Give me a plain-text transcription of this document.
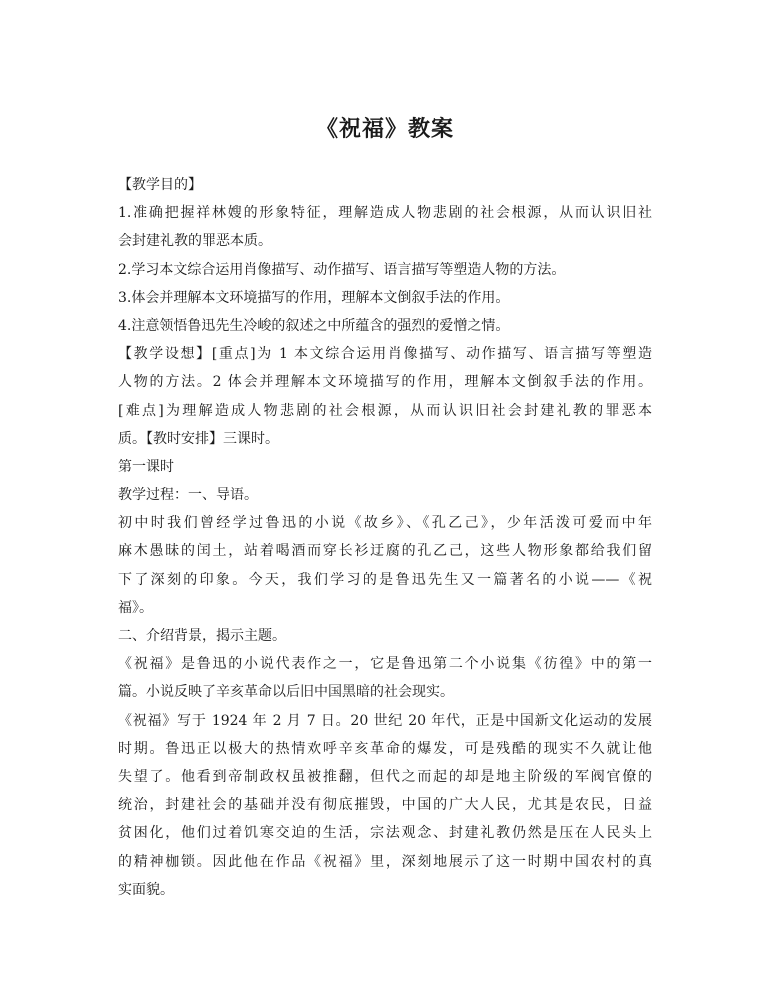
《祝福》教案
【教学目的】
1.准确把握祥林嫂的形象特征，理解造成人物悲剧的社会根源，从而认识旧社
会封建礼教的罪恶本质。
2.学习本文综合运用肖像描写、动作描写、语言描写等塑造人物的方法。
3.体会并理解本文环境描写的作用，理解本文倒叙手法的作用。
4.注意领悟鲁迅先生冷峻的叙述之中所蕴含的强烈的爱憎之情。
【教学设想】[重点]为 1 本文综合运用肖像描写、动作描写、语言描写等塑造
人物的方法。2 体会并理解本文环境描写的作用，理解本文倒叙手法的作用。
[难点]为理解造成人物悲剧的社会根源，从而认识旧社会封建礼教的罪恶本
质。【教时安排】三课时。
第一课时
教学过程：一、导语。
初中时我们曾经学过鲁迅的小说《故乡》、《孔乙己》，少年活泼可爱而中年
麻木愚昧的闰土，站着喝酒而穿长衫迂腐的孔乙己，这些人物形象都给我们留
下了深刻的印象。今天，我们学习的是鲁迅先生又一篇著名的小说——《祝
福》。
二、介绍背景，揭示主题。
《祝福》是鲁迅的小说代表作之一，它是鲁迅第二个小说集《彷徨》中的第一
篇。小说反映了辛亥革命以后旧中国黑暗的社会现实。
《祝福》写于 1924 年 2 月 7 日。20 世纪 20 年代，正是中国新文化运动的发展
时期。鲁迅正以极大的热情欢呼辛亥革命的爆发，可是残酷的现实不久就让他
失望了。他看到帝制政权虽被推翻，但代之而起的却是地主阶级的军阀官僚的
统治，封建社会的基础并没有彻底摧毁，中国的广大人民，尤其是农民，日益
贫困化，他们过着饥寒交迫的生活，宗法观念、封建礼教仍然是压在人民头上
的精神枷锁。因此他在作品《祝福》里，深刻地展示了这一时期中国农村的真
实面貌。
